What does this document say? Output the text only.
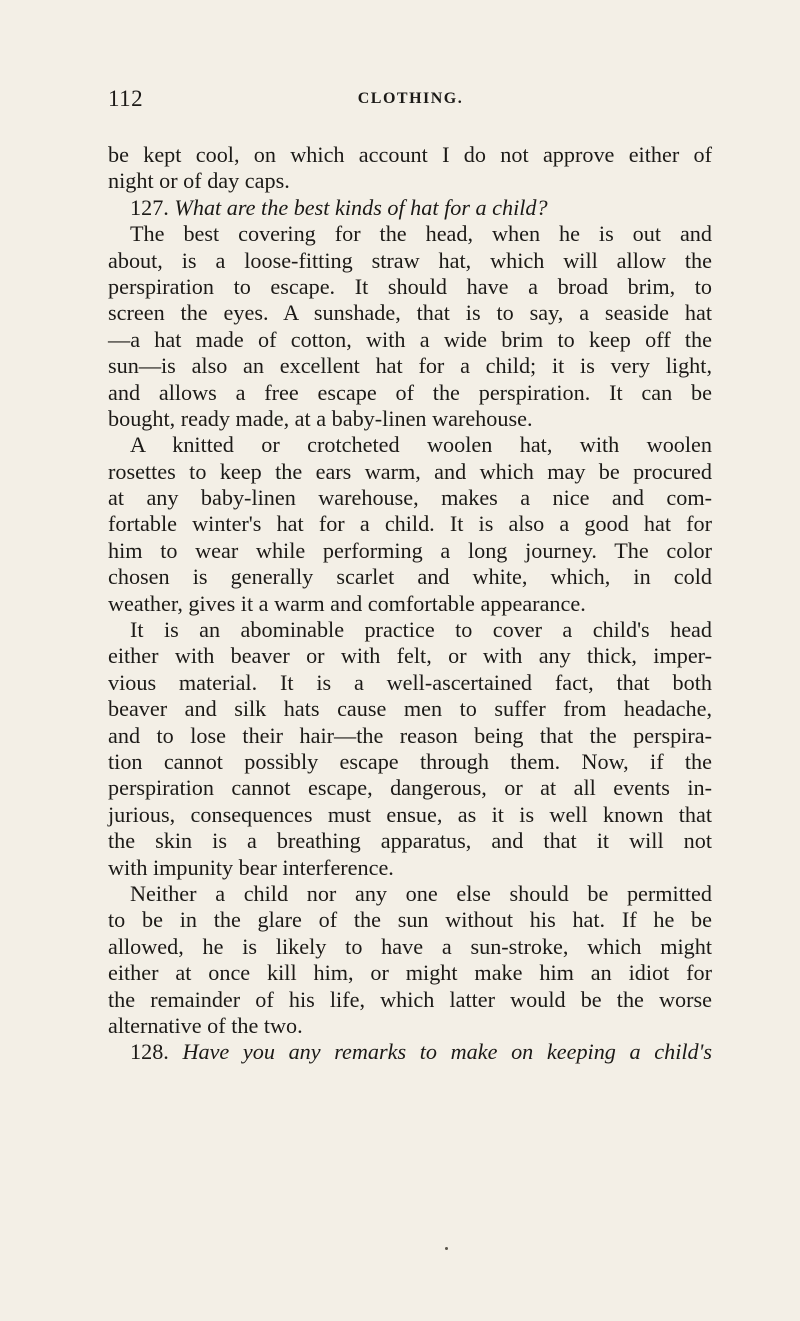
112	CLOTHING.
be kept cool, on which account I do not approve either of
night or of day caps.
127. What are the best kinds of hat for a child?
The best covering for the head, when he is out and
about, is a loose-fitting straw hat, which will allow the
perspiration to escape. It should have a broad brim, to
screen the eyes. A sunshade, that is to say, a seaside hat
—a hat made of cotton, with a wide brim to keep off the
sun—is also an excellent hat for a child; it is very light,
and allows a free escape of the perspiration. It can be
bought, ready made, at a baby-linen warehouse.
A knitted or crotcheted woolen hat, with woolen
rosettes to keep the ears warm, and which may be procured
at any baby-linen warehouse, makes a nice and com-
fortable winter's hat for a child. It is also a good hat for
him to wear while performing a long journey. The color
chosen is generally scarlet and white, which, in cold
weather, gives it a warm and comfortable appearance.
It is an abominable practice to cover a child's head
either with beaver or with felt, or with any thick, imper-
vious material. It is a well-ascertained fact, that both
beaver and silk hats cause men to suffer from headache,
and to lose their hair—the reason being that the perspira-
tion cannot possibly escape through them. Now, if the
perspiration cannot escape, dangerous, or at all events in-
jurious, consequences must ensue, as it is well known that
the skin is a breathing apparatus, and that it will not
with impunity bear interference.
Neither a child nor any one else should be permitted
to be in the glare of the sun without his hat. If he be
allowed, he is likely to have a sun-stroke, which might
either at once kill him, or might make him an idiot for
the remainder of his life, which latter would be the worse
alternative of the two.
128. Have you any remarks to make on keeping a child's
